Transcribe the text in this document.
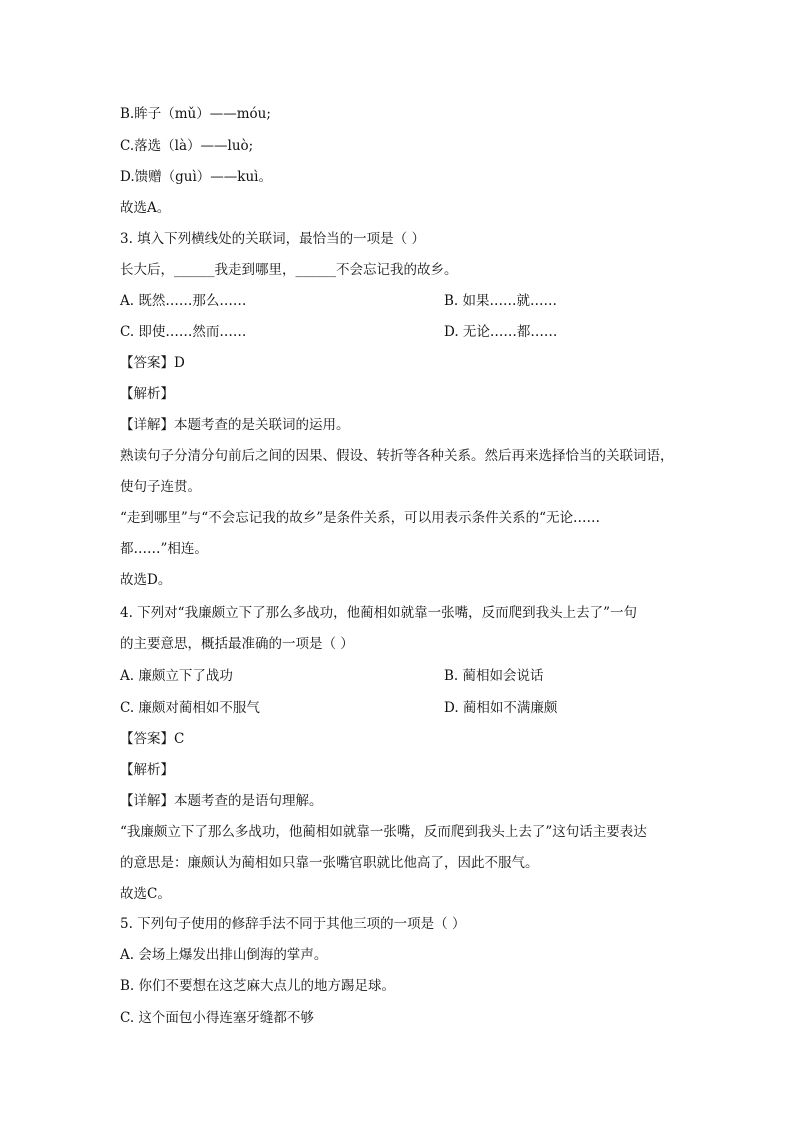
B.眸子（mǔ）——móu;
C.落选（là）——luò;
D.馈赠（guì）——kuì。
故选A。
3. 填入下列横线处的关联词，最恰当的一项是（ ）
长大后，______我走到哪里，______不会忘记我的故乡。
A. 既然……那么……	B. 如果……就……
C. 即使……然而……	D. 无论……都……
【答案】D
【解析】
【详解】本题考查的是关联词的运用。
熟读句子分清分句前后之间的因果、假设、转折等各种关系。然后再来选择恰当的关联词语，
使句子连贯。
“走到哪里”与“不会忘记我的故乡”是条件关系，可以用表示条件关系的“无论……
都……”相连。
故选D。
4. 下列对“我廉颇立下了那么多战功，他蔺相如就靠一张嘴，反而爬到我头上去了”一句
的主要意思，概括最准确的一项是（ ）
A. 廉颇立下了战功	B. 蔺相如会说话
C. 廉颇对蔺相如不服气	D. 蔺相如不满廉颇
【答案】C
【解析】
【详解】本题考查的是语句理解。
“我廉颇立下了那么多战功，他蔺相如就靠一张嘴，反而爬到我头上去了”这句话主要表达
的意思是：廉颇认为蔺相如只靠一张嘴官职就比他高了，因此不服气。
故选C。
5. 下列句子使用的修辞手法不同于其他三项的一项是（ ）
A. 会场上爆发出排山倒海的掌声。
B. 你们不要想在这芝麻大点儿的地方踢足球。
C. 这个面包小得连塞牙缝都不够
